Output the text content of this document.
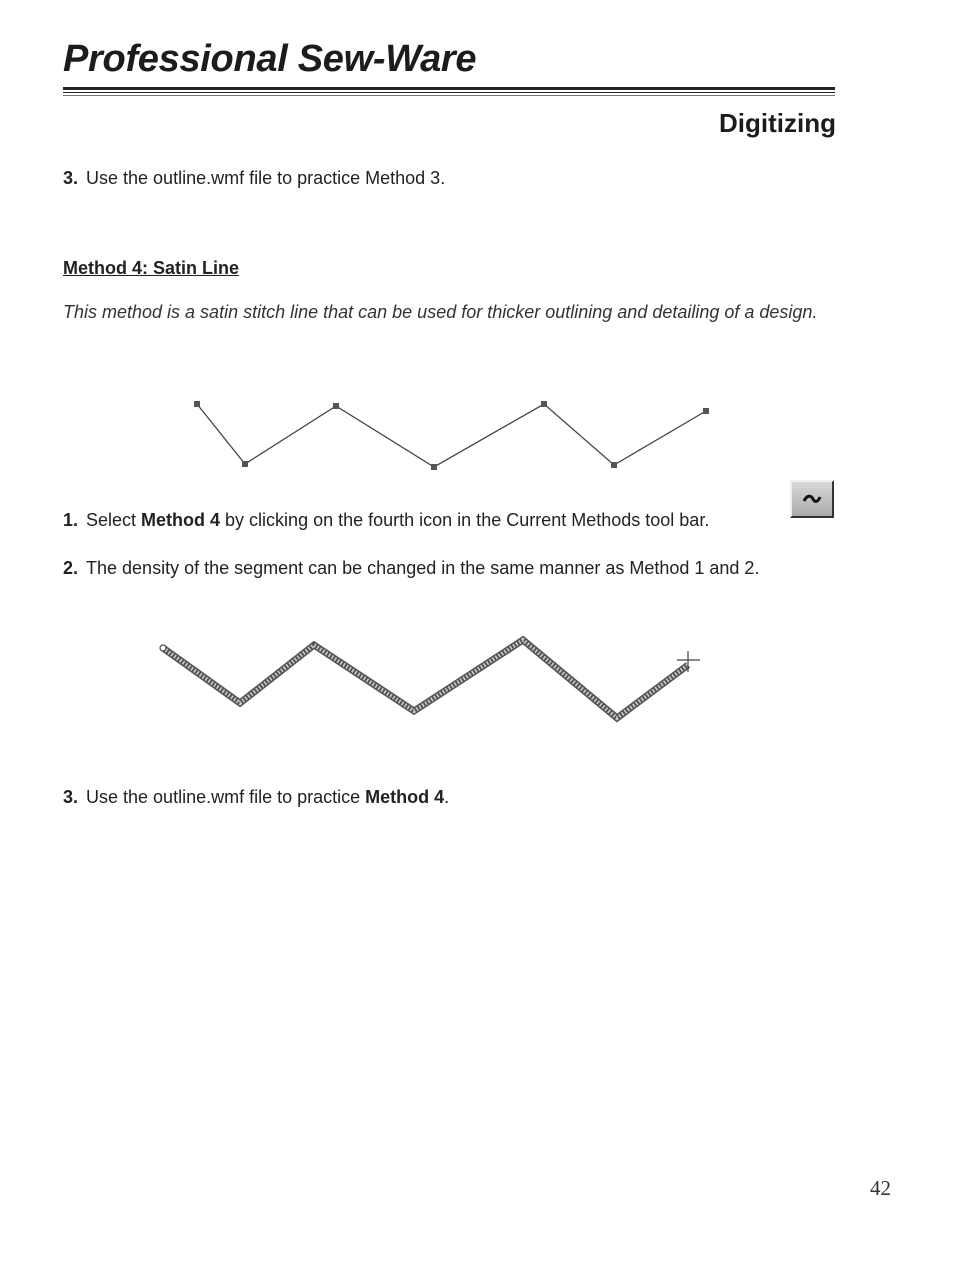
Professional Sew-Ware
Digitizing
3. Use the outline.wmf file to practice Method 3.
Method 4: Satin Line
This method is a satin stitch line that can be used for thicker outlining and detailing of a design.
1. Select Method 4 by clicking on the fourth icon in the Current Methods tool bar.
2. The density of the segment can be changed in the same manner as Method 1 and 2.
3. Use the outline.wmf file to practice Method 4.
42
